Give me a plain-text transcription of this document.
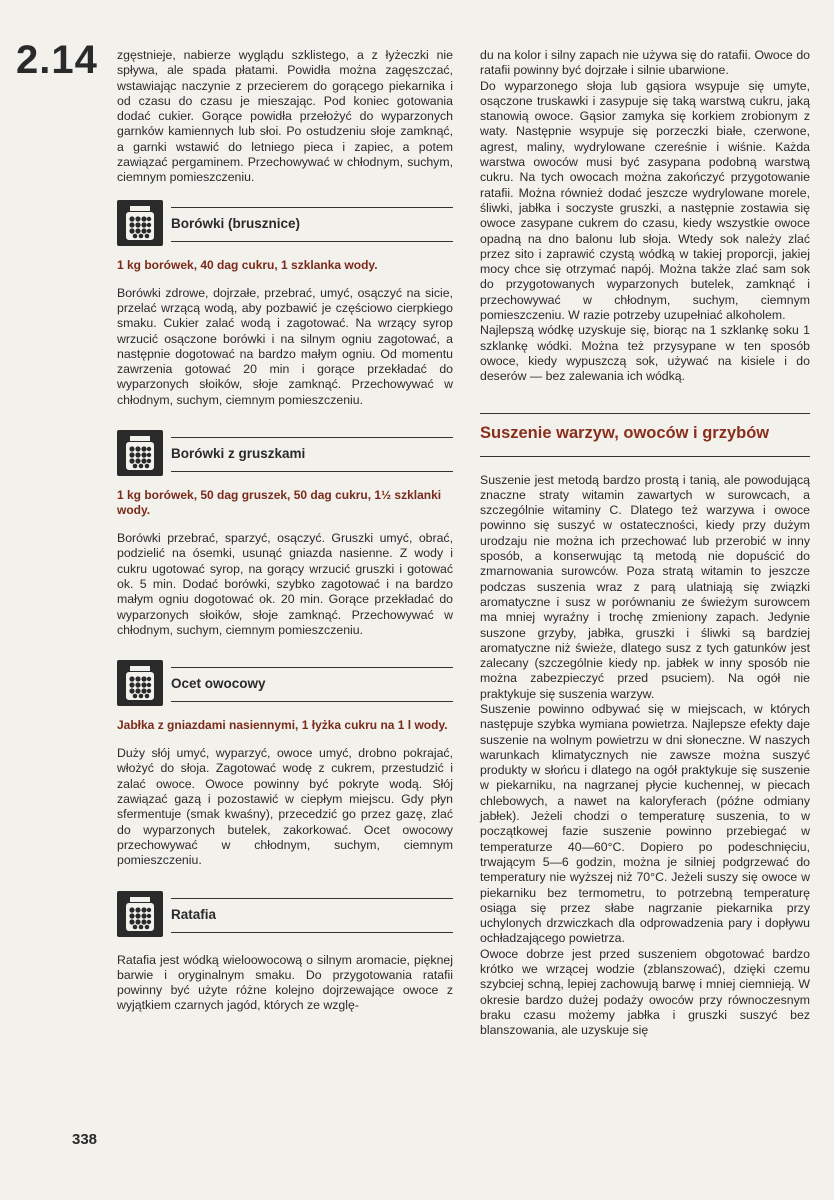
2.14 zgęstnieje, nabierze wyglądu szklistego, a z łyżeczki nie spływa, ale spada płatami. Powidła można zagęszczać, wstawiając naczynie z przecierem do gorącego piekarnika i od czasu do czasu je mieszając. Pod koniec gotowania dodać cukier. Gorące powidła przełożyć do wyparzonych garnków kamiennych lub słoi. Po ostudzeniu słoje zamknąć, a garnki wstawić do letniego pieca i zapiec, a potem zawiązać pergaminem. Przechowywać w chłodnym, suchym, ciemnym pomieszczeniu.

Borówki (brusznice)

1 kg borówek, 40 dag cukru, 1 szklanka wody.

Borówki zdrowe, dojrzałe, przebrać, umyć, osączyć na sicie, przelać wrzącą wodą, aby pozbawić je częściowo cierpkiego smaku. Cukier zalać wodą i zagotować. Na wrzący syrop wrzucić osączone borówki i na silnym ogniu zagotować, a następnie dogotować na bardzo małym ogniu. Od momentu zawrzenia gotować 20 min i gorące przekładać do wyparzonych słoików, słoje zamknąć. Przechowywać w chłodnym, suchym, ciemnym pomieszczeniu.

Borówki z gruszkami

1 kg borówek, 50 dag gruszek, 50 dag cukru, 1½ szklanki wody.

Borówki przebrać, sparzyć, osączyć. Gruszki umyć, obrać, podzielić na ósemki, usunąć gniazda nasienne. Z wody i cukru ugotować syrop, na gorący wrzucić gruszki i gotować ok. 5 min. Dodać borówki, szybko zagotować i na bardzo małym ogniu dogotować ok. 20 min. Gorące przekładać do wyparzonych słoików, słoje zamknąć. Przechowywać w chłodnym, suchym, ciemnym pomieszczeniu.

Ocet owocowy

Jabłka z gniazdami nasiennymi, 1 łyżka cukru na 1 l wody.

Duży słój umyć, wyparzyć, owoce umyć, drobno pokrajać, włożyć do słoja. Zagotować wodę z cukrem, przestudzić i zalać owoce. Owoce powinny być pokryte wodą. Słój zawiązać gazą i pozostawić w ciepłym miejscu. Gdy płyn sfermentuje (smak kwaśny), przecedzić go przez gazę, zlać do wyparzonych butelek, zakorkować. Ocet owocowy przechowywać w chłodnym, suchym, ciemnym pomieszczeniu.

Ratafia

Ratafia jest wódką wieloowocową o silnym aromacie, pięknej barwie i oryginalnym smaku. Do przygotowania ratafii powinny być użyte różne kolejno dojrzewające owoce z wyjątkiem czarnych jagód, których ze wzglę-

du na kolor i silny zapach nie używa się do ratafii. Owoce do ratafii powinny być dojrzałe i silnie ubarwione.

Do wyparzonego słoja lub gąsiora wsypuje się umyte, osączone truskawki i zasypuje się taką warstwą cukru, jaką stanowią owoce. Gąsior zamyka się korkiem zrobionym z waty. Następnie wsypuje się porzeczki białe, czerwone, agrest, maliny, wydrylowane czereśnie i wiśnie. Każda warstwa owoców musi być zasypana podobną warstwą cukru. Na tych owocach można zakończyć przygotowanie ratafii. Można również dodać jeszcze wydrylowane morele, śliwki, jabłka i soczyste gruszki, a następnie zostawia się owoce zasypane cukrem do czasu, kiedy wszystkie owoce opadną na dno balonu lub słoja. Wtedy sok należy zlać przez sito i zaprawić czystą wódką w takiej proporcji, jakiej mocy chce się otrzymać napój. Można także zlać sam sok do przygotowanych wyparzonych butelek, zamknąć i przechowywać w chłodnym, suchym, ciemnym pomieszczeniu. W razie potrzeby uzupełniać alkoholem.

Najlepszą wódkę uzyskuje się, biorąc na 1 szklankę soku 1 szklankę wódki. Można też przysypane w ten sposób owoce, kiedy wypuszczą sok, używać na kisiele i do deserów — bez zalewania ich wódką.

Suszenie warzyw, owoców i grzybów

Suszenie jest metodą bardzo prostą i tanią, ale powodującą znaczne straty witamin zawartych w surowcach, a szczególnie witaminy C. Dlatego też warzywa i owoce powinno się suszyć w ostateczności, kiedy przy dużym urodzaju nie można ich przechować lub przerobić w inny sposób, a konserwując tą metodą nie dopuścić do zmarnowania surowców. Poza stratą witamin to jeszcze podczas suszenia wraz z parą ulatniają się związki aromatyczne i susz w porównaniu ze świeżym surowcem ma mniej wyraźny i trochę zmieniony zapach. Jedynie suszone grzyby, jabłka, gruszki i śliwki są bardziej aromatyczne niż świeże, dlatego susz z tych gatunków jest zalecany (szczególnie kiedy np. jabłek w inny sposób nie można zabezpieczyć przed psuciem). Na ogół nie praktykuje się suszenia warzyw.

Suszenie powinno odbywać się w miejscach, w których następuje szybka wymiana powietrza. Najlepsze efekty daje suszenie na wolnym powietrzu w dni słoneczne. W naszych warunkach klimatycznych nie zawsze można suszyć produkty w słońcu i dlatego na ogół praktykuje się suszenie w piekarniku, na nagrzanej płycie kuchennej, w piecach chlebowych, a nawet na kaloryferach (późne odmiany jabłek). Jeżeli chodzi o temperaturę suszenia, to w początkowej fazie suszenie powinno przebiegać w temperaturze 40—60°C. Dopiero po podeschnięciu, trwającym 5—6 godzin, można je silniej podgrzewać do temperatury nie wyższej niż 70°C. Jeżeli suszy się owoce w piekarniku bez termometru, to potrzebną temperaturę osiąga się przez słabe nagrzanie piekarnika przy uchylonych drzwiczkach dla odprowadzenia pary i dopływu ochładzającego powietrza.

Owoce dobrze jest przed suszeniem obgotować bardzo krótko we wrzącej wodzie (zblanszować), dzięki czemu szybciej schną, lepiej zachowują barwę i mniej ciemnieją. W okresie bardzo dużej podaży owoców przy równoczesnym braku czasu możemy jabłka i gruszki suszyć bez blanszowania, ale uzyskuje się

338
